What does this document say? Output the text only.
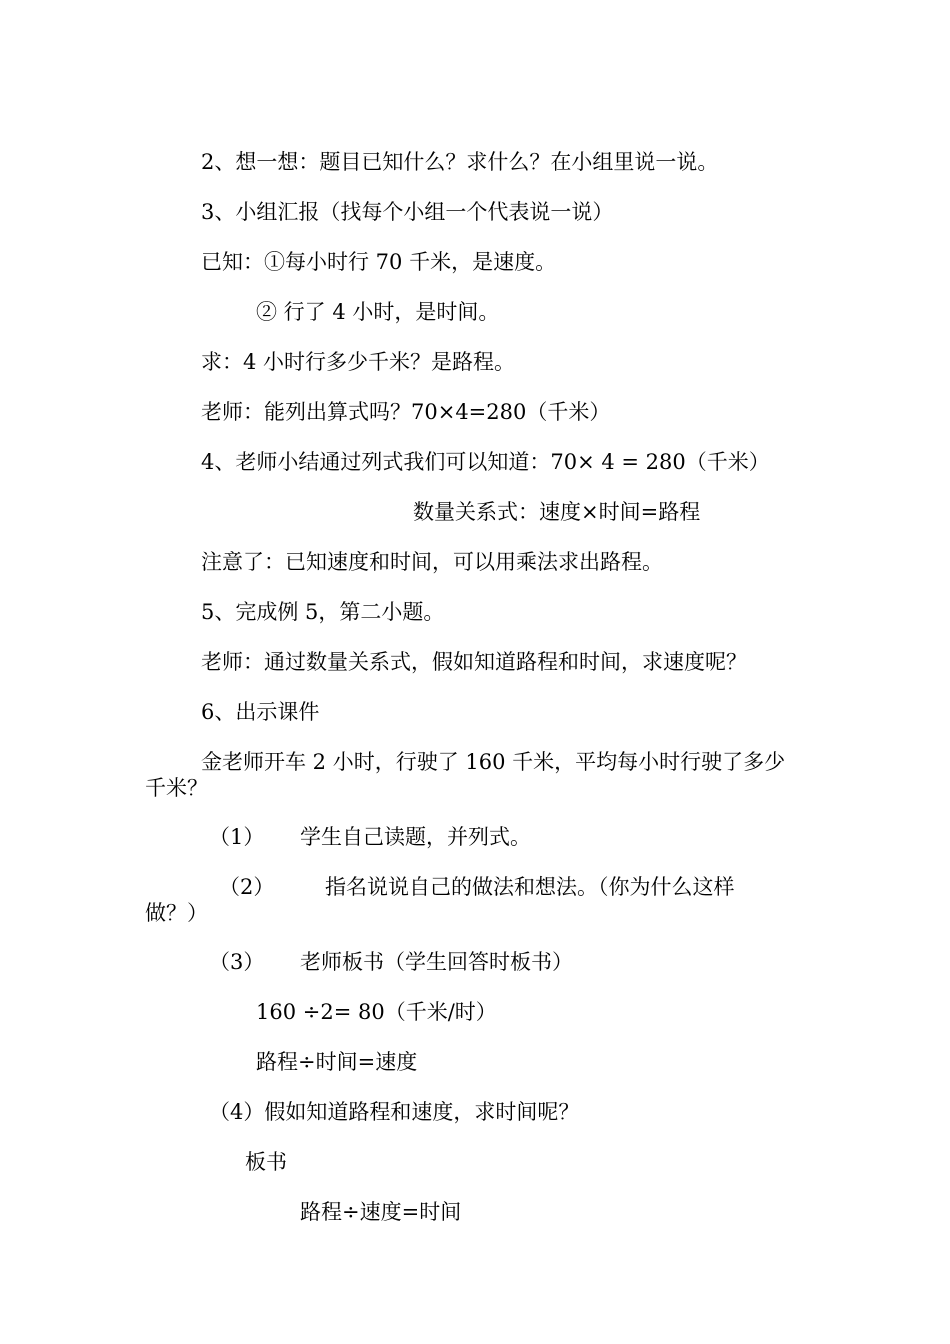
2、想一想：题目已知什么？求什么？在小组里说一说。
3、小组汇报（找每个小组一个代表说一说）
已知：①每小时行 70 千米，是速度。
② 行了 4 小时，是时间。
求：4 小时行多少千米？是路程。
老师：能列出算式吗？70×4=280（千米）
4、老师小结通过列式我们可以知道：70× 4 = 280（千米）
数量关系式：速度×时间=路程
注意了：已知速度和时间，可以用乘法求出路程。
5、完成例 5，第二小题。
老师：通过数量关系式，假如知道路程和时间，求速度呢？
6、出示课件
金老师开车 2 小时，行驶了 160 千米，平均每小时行驶了多少
千米？
（1） 学生自己读题，并列式。
（2） 指名说说自己的做法和想法。（你为什么这样
做？）
（3） 老师板书（学生回答时板书）
160 ÷2= 80（千米/时）
路程÷时间=速度
（4）假如知道路程和速度，求时间呢？
板书
路程÷速度=时间
